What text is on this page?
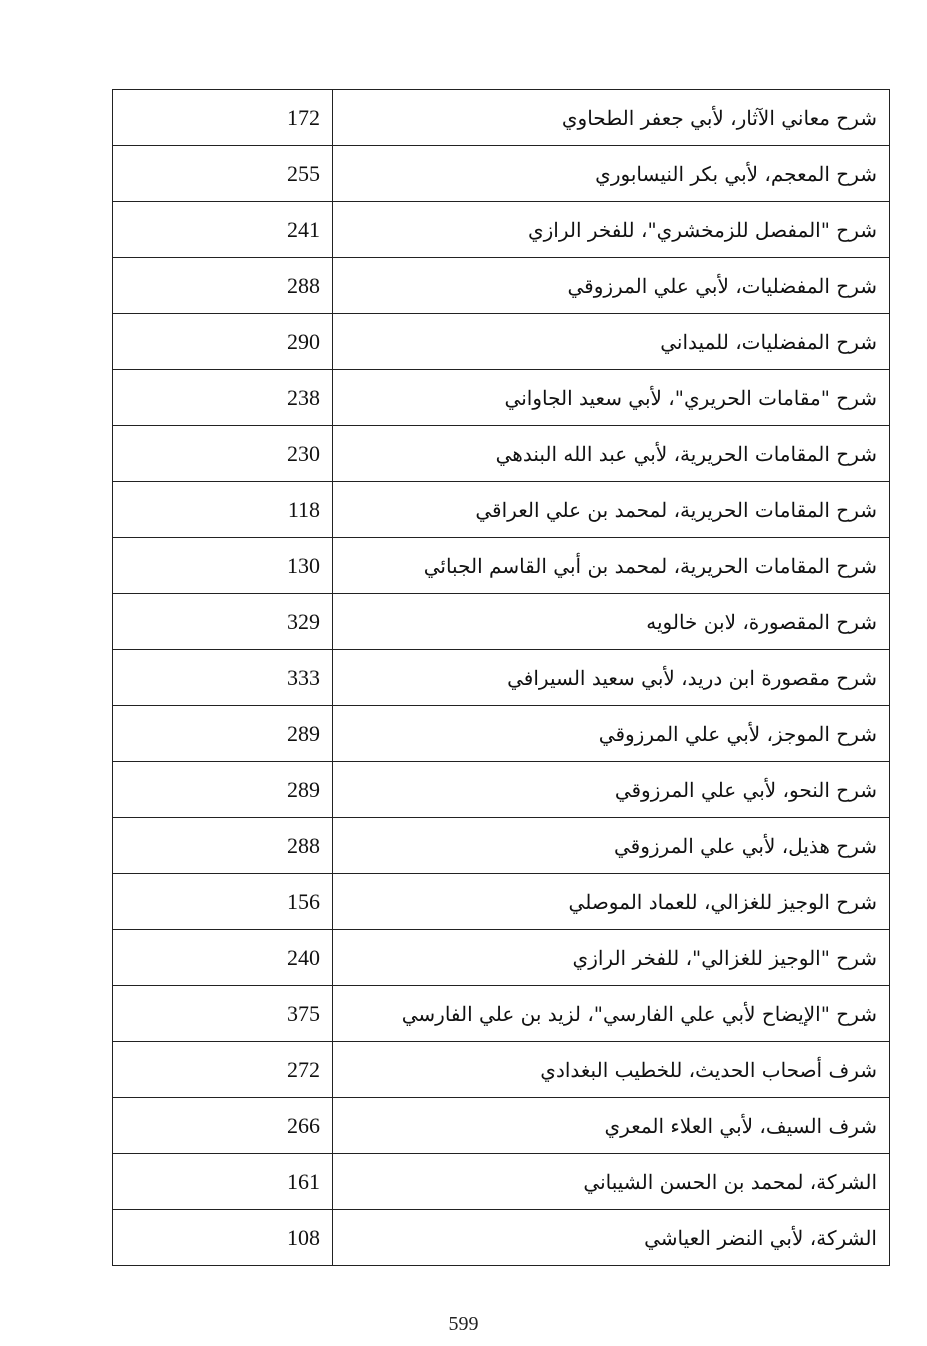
172	شرح معاني الآثار، لأبي جعفر الطحاوي
255	شرح المعجم، لأبي بكر النيسابوري
241	شرح "المفصل للزمخشري"، للفخر الرازي
288	شرح المفضليات، لأبي علي المرزوقي
290	شرح المفضليات، للميداني
238	شرح "مقامات الحريري"، لأبي سعيد الجاواني
230	شرح المقامات الحريرية، لأبي عبد الله البندهي
118	شرح المقامات الحريرية، لمحمد بن علي العراقي
130	شرح المقامات الحريرية، لمحمد بن أبي القاسم الجبائي
329	شرح المقصورة، لابن خالويه
333	شرح مقصورة ابن دريد، لأبي سعيد السيرافي
289	شرح الموجز، لأبي علي المرزوقي
289	شرح النحو، لأبي علي المرزوقي
288	شرح هذيل، لأبي علي المرزوقي
156	شرح الوجيز للغزالي، للعماد الموصلي
240	شرح "الوجيز للغزالي"، للفخر الرازي
375	شرح "الإيضاح لأبي علي الفارسي"، لزيد بن علي الفارسي
272	شرف أصحاب الحديث، للخطيب البغدادي
266	شرف السيف، لأبي العلاء المعري
161	الشركة، لمحمد بن الحسن الشيباني
108	الشركة، لأبي النضر العياشي
599
